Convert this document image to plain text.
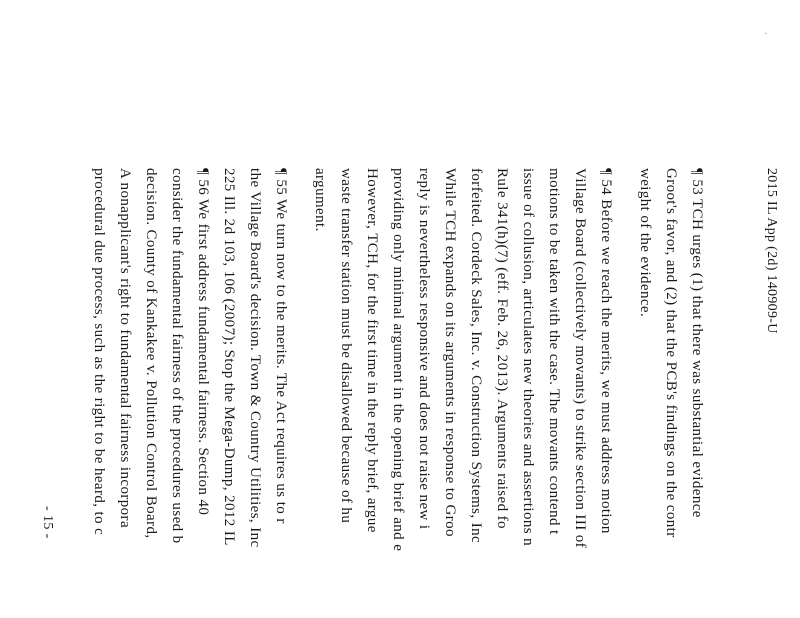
·
2015 IL App (2d) 140909-U
¶ 53 TCH urges (1) that there was substantial evidence
Groot's favor, and (2) that the PCB's findings on the contr
weight of the evidence.
¶ 54 Before we reach the merits, we must address motion
Village Board (collectively movants) to strike section III of
motions to be taken with the case. The movants contend t
issue of collusion, articulates new theories and assertions n
Rule 341(h)(7) (eff. Feb. 26, 2013). Arguments raised fo
forfeited. Cordeck Sales, Inc. v. Construction Systems, Inc
While TCH expands on its arguments in response to Groo
reply is nevertheless responsive and does not raise new i
providing only minimal argument in the opening brief and e
However, TCH, for the first time in the reply brief, argue
waste transfer station must be disallowed because of hu
argument.
¶ 55 We turn now to the merits. The Act requires us to r
the Village Board's decision. Town & Country Utilities, Inc
225 Ill. 2d 103, 106 (2007); Stop the Mega-Dump, 2012 IL
¶ 56 We first address fundamental fairness. Section 40
consider the fundamental fairness of the procedures used b
decision. County of Kankakee v. Pollution Control Board,
A nonapplicant's right to fundamental fairness incorpora
procedural due process, such as the right to be heard, to c
- 15 -
